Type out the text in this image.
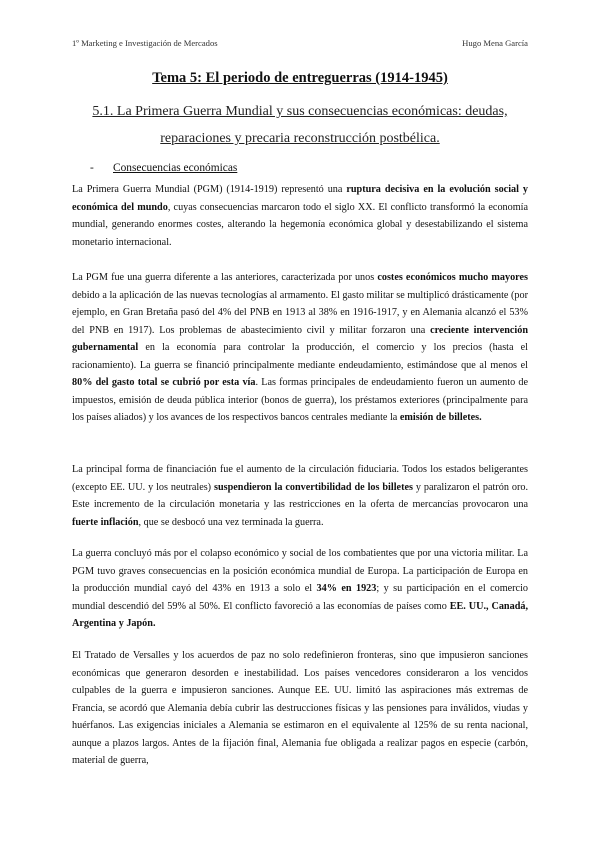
1º Marketing e Investigación de Mercados	Hugo Mena García
Tema 5: El periodo de entreguerras (1914-1945)
5.1. La Primera Guerra Mundial y sus consecuencias económicas: deudas, reparaciones y precaria reconstrucción postbélica.
- Consecuencias económicas

La Primera Guerra Mundial (PGM) (1914-1919) representó una ruptura decisiva en la evolución social y económica del mundo, cuyas consecuencias marcaron todo el siglo XX. El conflicto transformó la economía mundial, generando enormes costes, alterando la hegemonía económica global y desestabilizando el sistema monetario internacional.

La PGM fue una guerra diferente a las anteriores, caracterizada por unos costes económicos mucho mayores debido a la aplicación de las nuevas tecnologías al armamento. El gasto militar se multiplicó drásticamente (por ejemplo, en Gran Bretaña pasó del 4% del PNB en 1913 al 38% en 1916-1917, y en Alemania alcanzó el 53% del PNB en 1917). Los problemas de abastecimiento civil y militar forzaron una creciente intervención gubernamental en la economía para controlar la producción, el comercio y los precios (hasta el racionamiento). La guerra se financió principalmente mediante endeudamiento, estimándose que al menos el 80% del gasto total se cubrió por esta vía. Las formas principales de endeudamiento fueron un aumento de impuestos, emisión de deuda pública interior (bonos de guerra), los préstamos exteriores (principalmente para los países aliados) y los avances de los respectivos bancos centrales mediante la emisión de billetes.

La principal forma de financiación fue el aumento de la circulación fiduciaria. Todos los estados beligerantes (excepto EE. UU. y los neutrales) suspendieron la convertibilidad de los billetes y paralizaron el patrón oro. Este incremento de la circulación monetaria y las restricciones en la oferta de mercancías provocaron una fuerte inflación, que se desbocó una vez terminada la guerra.

La guerra concluyó más por el colapso económico y social de los combatientes que por una victoria militar. La PGM tuvo graves consecuencias en la posición económica mundial de Europa. La participación de Europa en la producción mundial cayó del 43% en 1913 a solo el 34% en 1923; y su participación en el comercio mundial descendió del 59% al 50%. El conflicto favoreció a las economías de países como EE. UU., Canadá, Argentina y Japón.

El Tratado de Versalles y los acuerdos de paz no solo redefinieron fronteras, sino que impusieron sanciones económicas que generaron desorden e inestabilidad. Los países vencedores consideraron a los vencidos culpables de la guerra e impusieron sanciones. Aunque EE. UU. limitó las aspiraciones más extremas de Francia, se acordó que Alemania debía cubrir las destrucciones físicas y las pensiones para inválidos, viudas y huérfanos. Las exigencias iniciales a Alemania se estimaron en el equivalente al 125% de su renta nacional, aunque a plazos largos. Antes de la fijación final, Alemania fue obligada a realizar pagos en especie (carbón, material de guerra,
